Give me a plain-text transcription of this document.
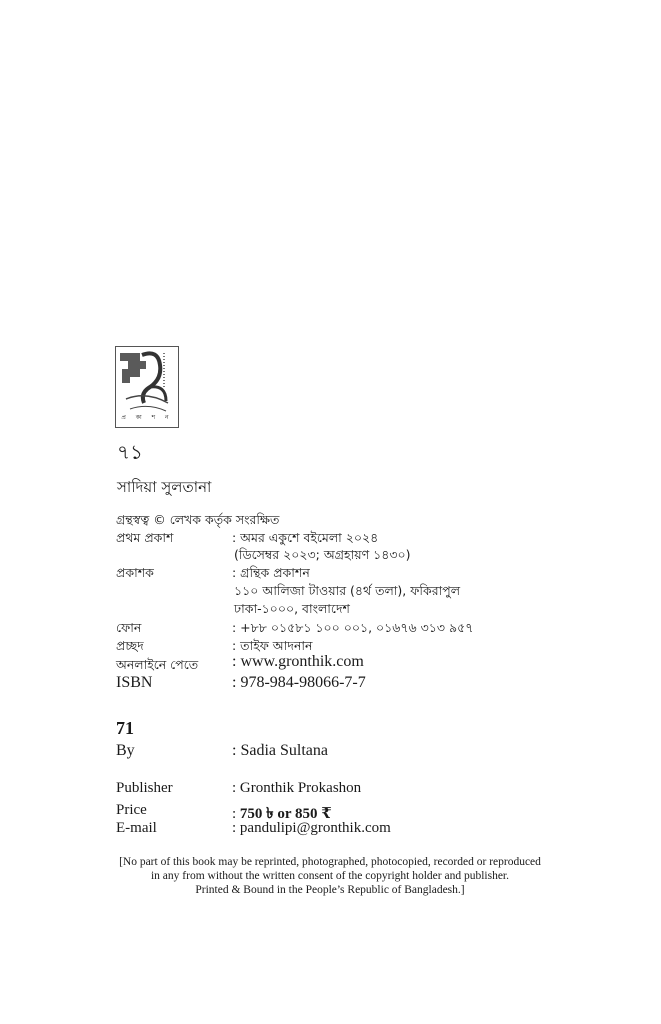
প্র কা শ ন
৭১
সাদিয়া সুলতানা
গ্রন্থস্বত্ব © লেখক কর্তৃক সংরক্ষিত
প্রথম প্রকাশ	: অমর একুশে বইমেলা ২০২৪
(ডিসেম্বর ২০২৩; অগ্রহায়ণ ১৪৩০)
প্রকাশক	: গ্রন্থিক প্রকাশন
১১০ আলিজা টাওয়ার (৪র্থ তলা), ফকিরাপুল
ঢাকা-১০০০, বাংলাদেশ
ফোন	: +৮৮ ০১৫৮১ ১০০ ০০১, ০১৬৭৬ ৩১৩ ৯৫৭
প্রচ্ছদ	: তাইফ আদনান
অনলাইনে পেতে : www.gronthik.com
ISBN	: 978-984-98066-7-7
71
By	: Sadia Sultana
Publisher	: Gronthik Prokashon
Price	: 750 ৳ or 850 ₹
E-mail	: pandulipi@gronthik.com
[No part of this book may be reprinted, photographed, photocopied, recorded or reproduced
in any from without the written consent of the copyright holder and publisher.
Printed & Bound in the People’s Republic of Bangladesh.]
